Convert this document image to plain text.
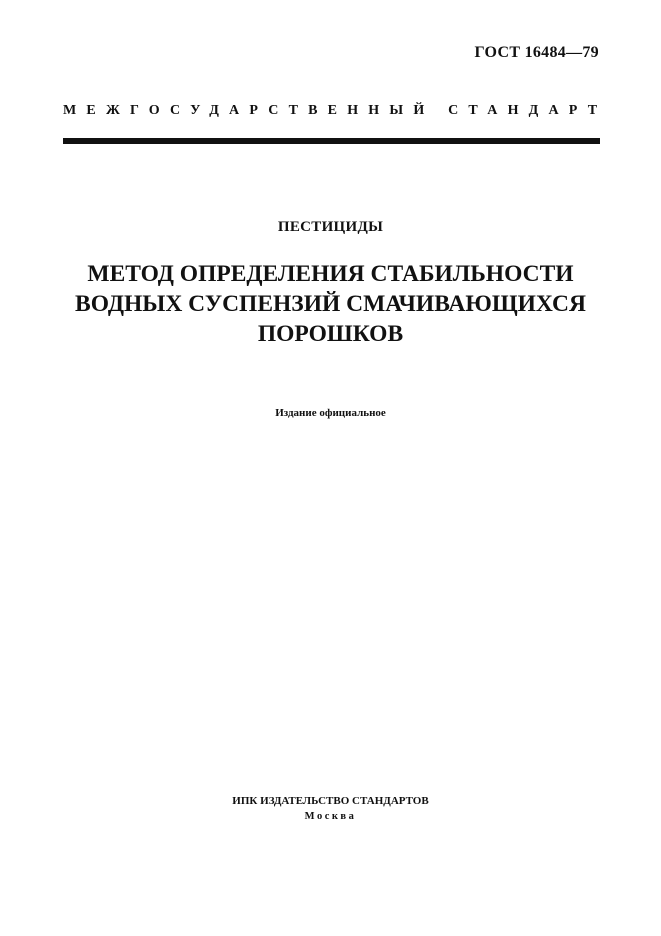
ГОСТ 16484—79
МЕЖГОСУДАРСТВЕННЫЙ СТАНДАРТ
ПЕСТИЦИДЫ
МЕТОД ОПРЕДЕЛЕНИЯ СТАБИЛЬНОСТИ
ВОДНЫХ СУСПЕНЗИЙ СМАЧИВАЮЩИХСЯ
ПОРОШКОВ
Издание официальное
ИПК ИЗДАТЕЛЬСТВО СТАНДАРТОВ
Москва
